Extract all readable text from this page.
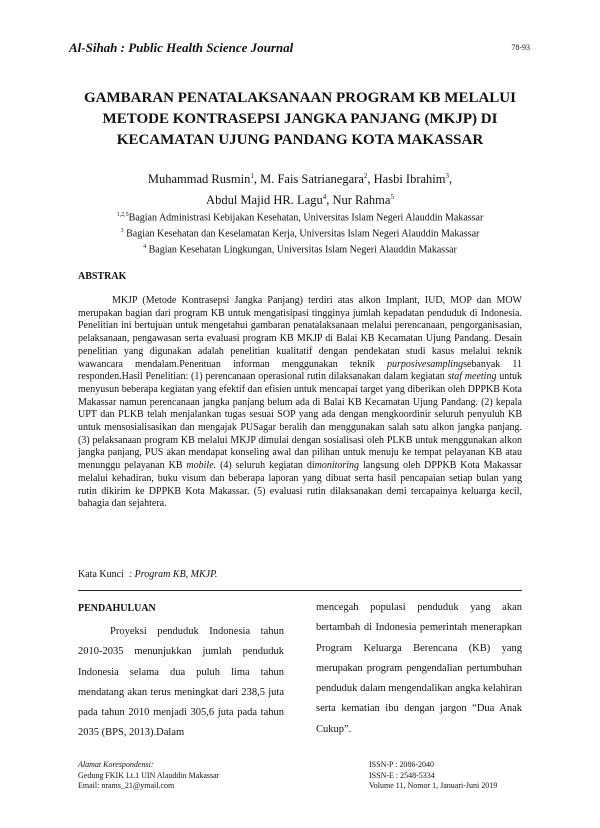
Al-Sihah : Public Health Science Journal	78-93
GAMBARAN PENATALAKSANAAN PROGRAM KB MELALUI
METODE KONTRASEPSI JANGKA PANJANG (MKJP) DI
KECAMATAN UJUNG PANDANG KOTA MAKASSAR
Muhammad Rusmin$^1$, M. Fais Satrianegara$^2$, Hasbi Ibrahim$^3$,
Abdul Majid HR. Lagu$^4$, Nur Rahma$^5$
$^{1,2,5}$Bagian Administrasi Kebijakan Kesehatan, Universitas Islam Negeri Alauddin Makassar
$^3$ Bagian Kesehatan dan Keselamatan Kerja, Universitas Islam Negeri Alauddin Makassar
$^4$ Bagian Kesehatan Lingkungan, Universitas Islam Negeri Alauddin Makassar
ABSTRAK
MKJP (Metode Kontrasepsi Jangka Panjang) terdiri atas alkon Implant, IUD, MOP dan MOW merupakan bagian dari program KB untuk mengatisipasi tingginya jumlah kepadatan penduduk di Indonesia. Penelitian ini bertujuan untuk mengetahui gambaran penatalaksanaan melalui perencanaan, pengorganisasian, pelaksanaan, pengawasan serta evaluasi program KB MKJP di Balai KB Kecamatan Ujung Pandang. Desain penelitian yang digunakan adalah penelitian kualitatif dengan pendekatan studi kasus melalui teknik wawancara mendalam.Penentuan informan menggunakan teknik purposivesamplingsebanyak 11 responden.Hasil Penelitian: (1) perencanaan operasional rutin dilaksanakan dalam kegiatan staf meeting untuk menyusun beberapa kegiatan yang efektif dan efisien untuk mencapai target yang diberikan oleh DPPKB Kota Makassar namun perencanaan jangka panjang belum ada di Balai KB Kecamatan Ujung Pandang. (2) kepala UPT dan PLKB telah menjalankan tugas sesuai SOP yang ada dengan mengkoordinir seluruh penyuluh KB untuk mensosialisasikan dan mengajak PUSagar beralih dan menggunakan salah satu alkon jangka panjang. (3) pelaksanaan program KB melalui MKJP dimulai dengan sosialisasi oleh PLKB untuk menggunakan alkon jangka panjang, PUS akan mendapat konseling awal dan pilihan untuk menuju ke tempat pelayanan KB atau menunggu pelayanan KB mobile. (4) seluruh kegiatan dimonitoring langsung oleh DPPKB Kota Makassar melalui kehadiran, buku visum dan beberapa laporan yang dibuat serta hasil pencapaian setiap bulan yang rutin dikirim ke DPPKB Kota Makassar. (5) evaluasi rutin dilaksanakan demi tercapainya keluarga kecil, bahagia dan sejahtera.
Kata Kunci : Program KB, MKJP.
PENDAHULUAN
Proyeksi penduduk Indonesia tahun 2010-2035 menunjukkan jumlah penduduk Indonesia selama dua puluh lima tahun mendatang akan terus meningkat dari 238,5 juta pada tahun 2010 menjadi 305,6 juta pada tahun 2035 (BPS, 2013).Dalam
mencegah populasi penduduk yang akan bertambah di Indonesia pemerintah menerapkan Program Keluarga Berencana (KB) yang merupakan program pengendalian pertumbuhan penduduk dalam mengendalikan angka kelahiran serta kematian ibu dengan jargon “Dua Anak Cukup”.
Alamat Korespondensi:
Gedung FKIK Lt.1 UIN Alauddin Makassar
Email: nrams_21@ymail.com
ISSN-P : 2086-2040
ISSN-E : 2548-5334
Volume 11, Nomor 1, Januari-Juni 2019
